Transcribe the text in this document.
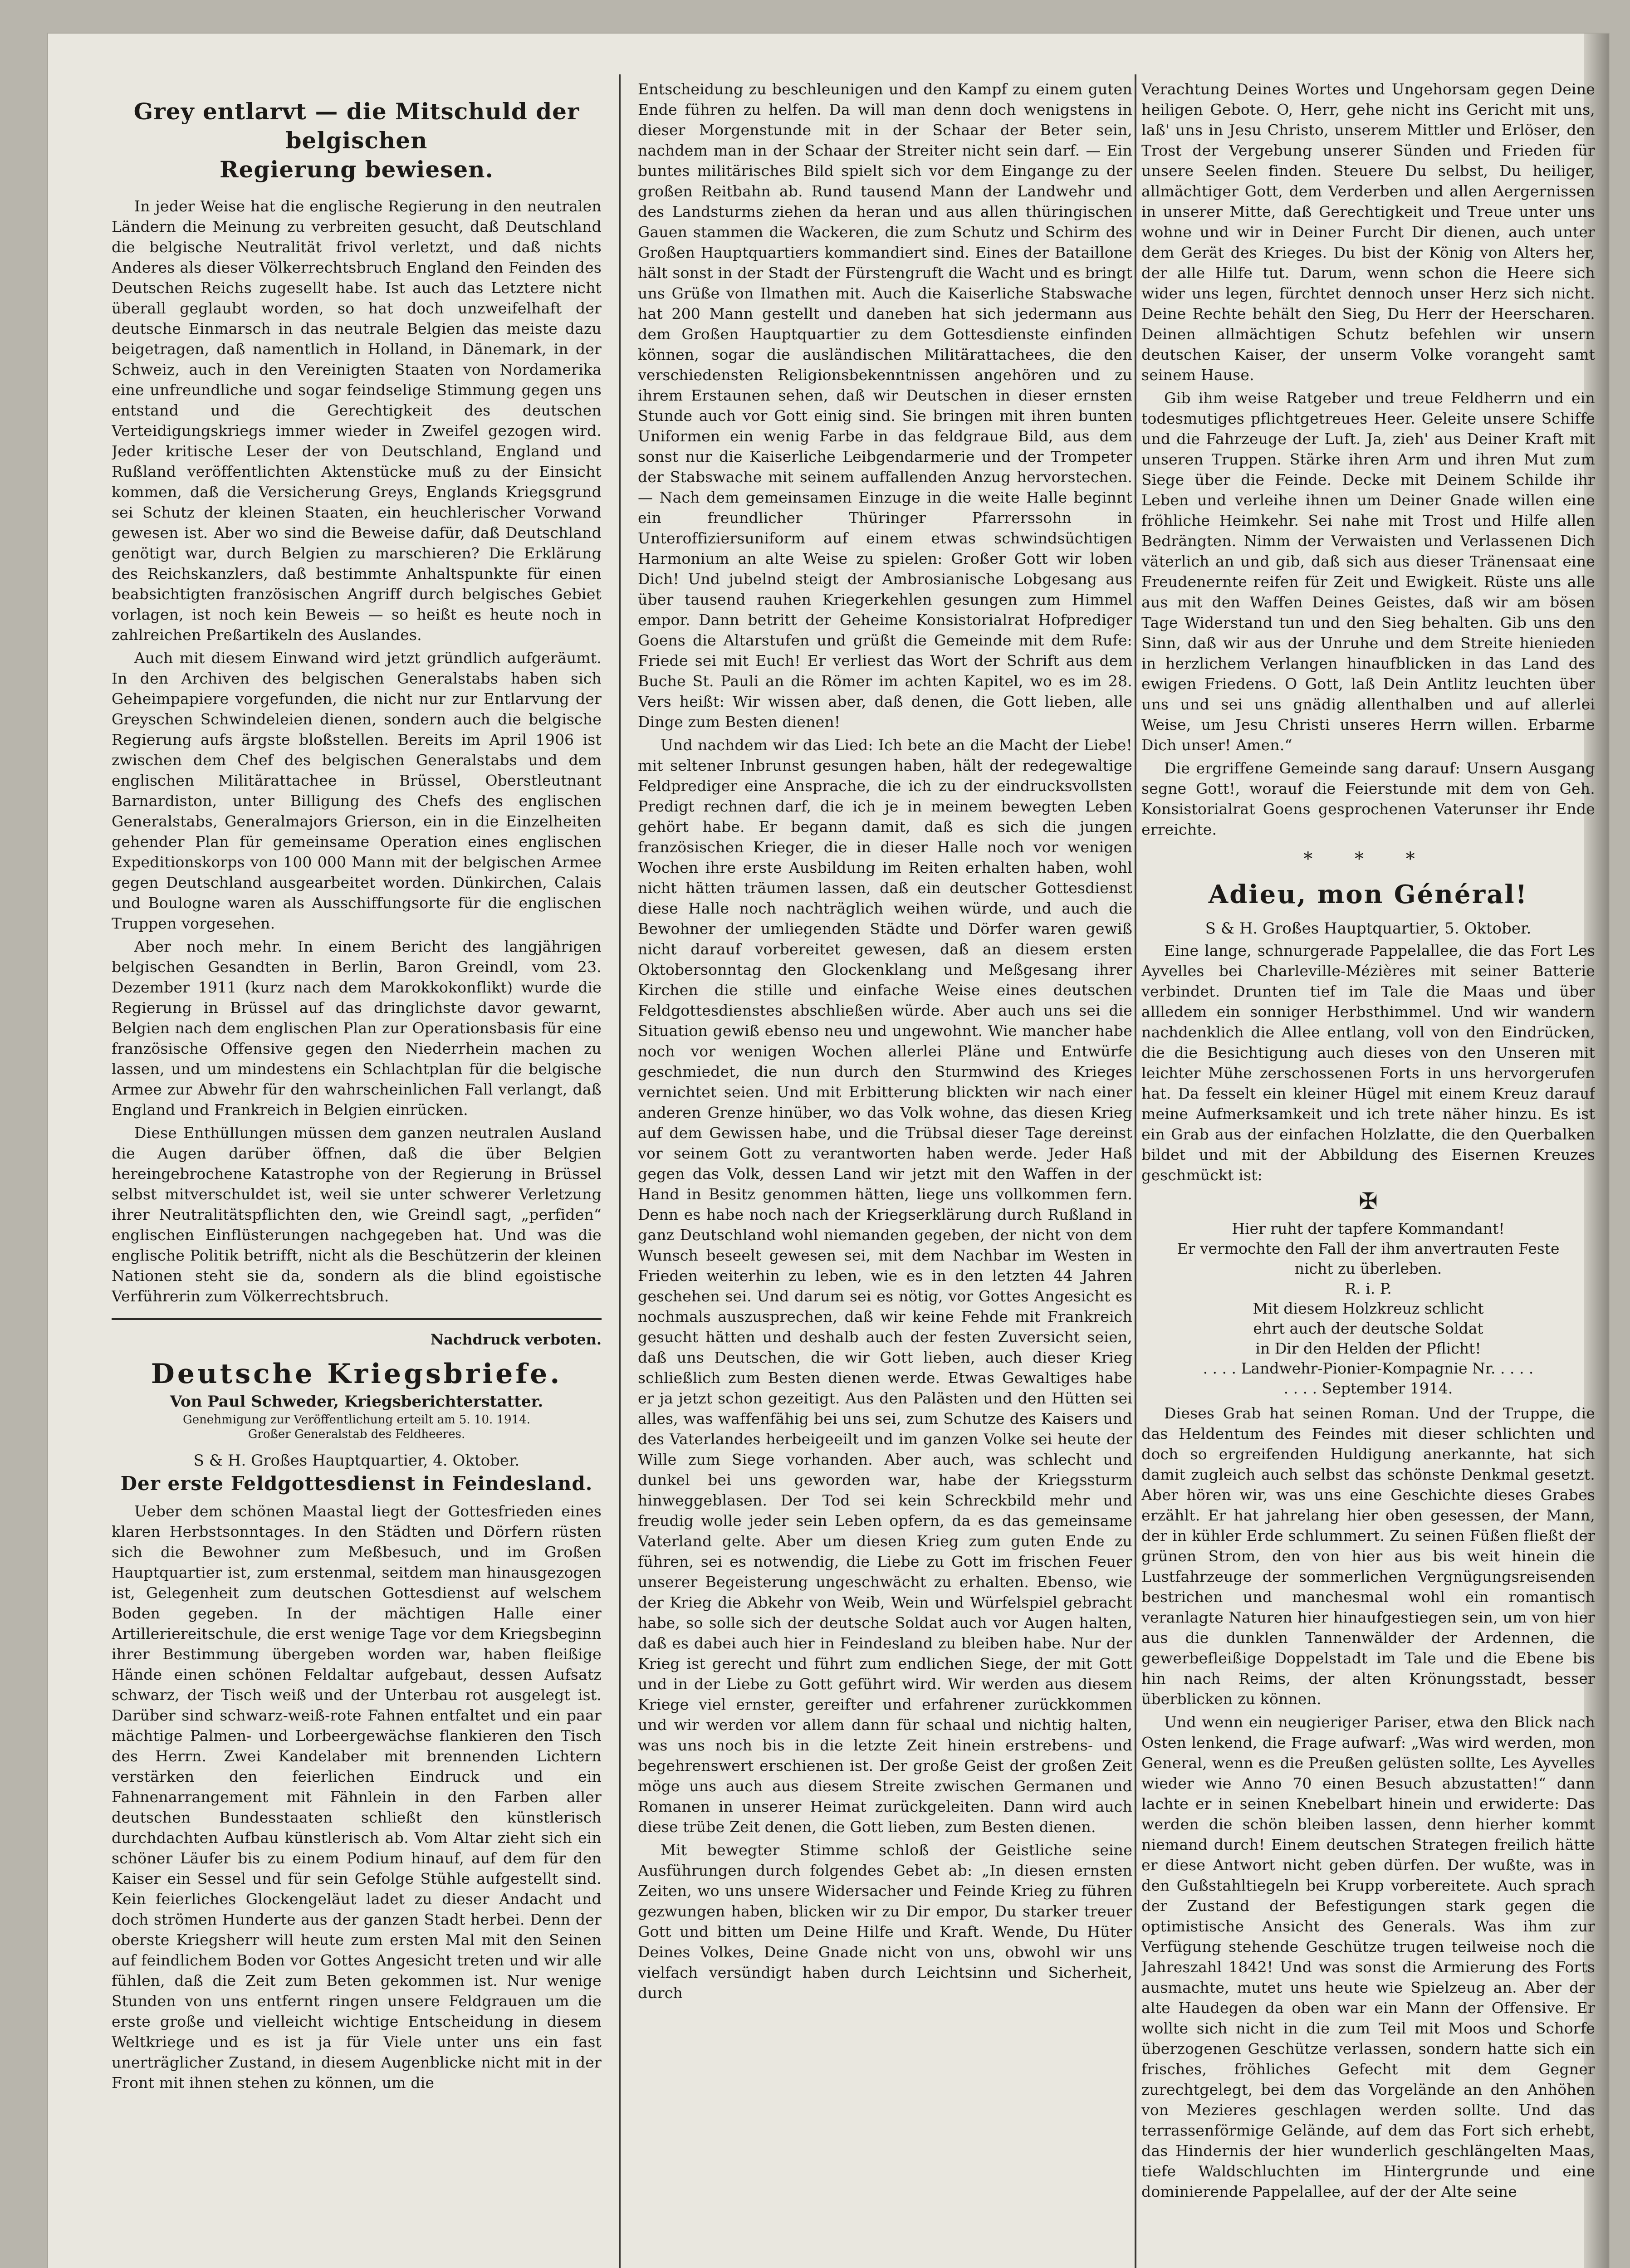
Grey entlarvt — die Mitschuld der belgischen
Regierung bewiesen.

In jeder Weise hat die englische Regierung in den neutralen Ländern die Meinung zu verbreiten gesucht, daß Deutschland die belgische Neutralität frivol verletzt, und daß nichts Anderes als dieser Völkerrechtsbruch England den Feinden des Deutschen Reichs zugesellt habe. Ist auch das Letztere nicht überall geglaubt worden, so hat doch unzweifelhaft der deutsche Einmarsch in das neutrale Belgien das meiste dazu beigetragen, daß namentlich in Holland, in Dänemark, in der Schweiz, auch in den Vereinigten Staaten von Nordamerika eine unfreundliche und sogar feindselige Stimmung gegen uns entstand und die Gerechtigkeit des deutschen Verteidigungskriegs immer wieder in Zweifel gezogen wird. Jeder kritische Leser der von Deutschland, England und Rußland veröffentlichten Aktenstücke muß zu der Einsicht kommen, daß die Versicherung Greys, Englands Kriegsgrund sei Schutz der kleinen Staaten, ein heuchlerischer Vorwand gewesen ist. Aber wo sind die Beweise dafür, daß Deutschland genötigt war, durch Belgien zu marschieren? Die Erklärung des Reichskanzlers, daß bestimmte Anhaltspunkte für einen beabsichtigten französischen Angriff durch belgisches Gebiet vorlagen, ist noch kein Beweis — so heißt es heute noch in zahlreichen Preßartikeln des Auslandes.

Auch mit diesem Einwand wird jetzt gründlich aufgeräumt. In den Archiven des belgischen Generalstabs haben sich Geheimpapiere vorgefunden, die nicht nur zur Entlarvung der Greyschen Schwindeleien dienen, sondern auch die belgische Regierung aufs ärgste bloßstellen. Bereits im April 1906 ist zwischen dem Chef des belgischen Generalstabs und dem englischen Militärattachee in Brüssel, Oberstleutnant Barnardiston, unter Billigung des Chefs des englischen Generalstabs, Generalmajors Grierson, ein in die Einzelheiten gehender Plan für gemeinsame Operation eines englischen Expeditionskorps von 100 000 Mann mit der belgischen Armee gegen Deutschland ausgearbeitet worden. Dünkirchen, Calais und Boulogne waren als Ausschiffungsorte für die englischen Truppen vorgesehen.

Aber noch mehr. In einem Bericht des langjährigen belgischen Gesandten in Berlin, Baron Greindl, vom 23. Dezember 1911 (kurz nach dem Marokkokonflikt) wurde die Regierung in Brüssel auf das dringlichste davor gewarnt, Belgien nach dem englischen Plan zur Operationsbasis für eine französische Offensive gegen den Niederrhein machen zu lassen, und um mindestens ein Schlachtplan für die belgische Armee zur Abwehr für den wahrscheinlichen Fall verlangt, daß England und Frankreich in Belgien einrücken.

Diese Enthüllungen müssen dem ganzen neutralen Ausland die Augen darüber öffnen, daß die über Belgien hereingebrochene Katastrophe von der Regierung in Brüssel selbst mitverschuldet ist, weil sie unter schwerer Verletzung ihrer Neutralitätspflichten den, wie Greindl sagt, „perfiden“ englischen Einflüsterungen nachgegeben hat. Und was die englische Politik betrifft, nicht als die Beschützerin der kleinen Nationen steht sie da, sondern als die blind egoistische Verführerin zum Völkerrechtsbruch.

Nachdruck verboten.
Deutsche Kriegsbriefe.
Von Paul Schweder, Kriegsberichterstatter.
Genehmigung zur Veröffentlichung erteilt am 5. 10. 1914.
Großer Generalstab des Feldheeres.
S & H. Großes Hauptquartier, 4. Oktober.
Der erste Feldgottesdienst in Feindesland.

Ueber dem schönen Maastal liegt der Gottesfrieden eines klaren Herbstsonntages. In den Städten und Dörfern rüsten sich die Bewohner zum Meßbesuch, und im Großen Hauptquartier ist, zum erstenmal, seitdem man hinausgezogen ist, Gelegenheit zum deutschen Gottesdienst auf welschem Boden gegeben. In der mächtigen Halle einer Artilleriereitschule, die erst wenige Tage vor dem Kriegsbeginn ihrer Bestimmung übergeben worden war, haben fleißige Hände einen schönen Feldaltar aufgebaut, dessen Aufsatz schwarz, der Tisch weiß und der Unterbau rot ausgelegt ist. Darüber sind schwarz-weiß-rote Fahnen entfaltet und ein paar mächtige Palmen- und Lorbeergewächse flankieren den Tisch des Herrn. Zwei Kandelaber mit brennenden Lichtern verstärken den feierlichen Eindruck und ein Fahnenarrangement mit Fähnlein in den Farben aller deutschen Bundesstaaten schließt den künstlerisch durchdachten Aufbau künstlerisch ab. Vom Altar zieht sich ein schöner Läufer bis zu einem Podium hinauf, auf dem für den Kaiser ein Sessel und für sein Gefolge Stühle aufgestellt sind. Kein feierliches Glockengeläut ladet zu dieser Andacht und doch strömen Hunderte aus der ganzen Stadt herbei. Denn der oberste Kriegsherr will heute zum ersten Mal mit den Seinen auf feindlichem Boden vor Gottes Angesicht treten und wir alle fühlen, daß die Zeit zum Beten gekommen ist. Nur wenige Stunden von uns entfernt ringen unsere Feldgrauen um die erste große und vielleicht wichtige Entscheidung in diesem Weltkriege und es ist ja für Viele unter uns ein fast unerträglicher Zustand, in diesem Augenblicke nicht mit in der Front mit ihnen stehen zu können, um die

Entscheidung zu beschleunigen und den Kampf zu einem guten Ende führen zu helfen. Da will man denn doch wenigstens in dieser Morgenstunde mit in der Schaar der Beter sein, nachdem man in der Schaar der Streiter nicht sein darf. — Ein buntes militärisches Bild spielt sich vor dem Eingange zu der großen Reitbahn ab. Rund tausend Mann der Landwehr und des Landsturms ziehen da heran und aus allen thüringischen Gauen stammen die Wackeren, die zum Schutz und Schirm des Großen Hauptquartiers kommandiert sind. Eines der Bataillone hält sonst in der Stadt der Fürstengruft die Wacht und es bringt uns Grüße von Ilmathen mit. Auch die Kaiserliche Stabswache hat 200 Mann gestellt und daneben hat sich jedermann aus dem Großen Hauptquartier zu dem Gottesdienste einfinden können, sogar die ausländischen Militärattachees, die den verschiedensten Religionsbekenntnissen angehören und zu ihrem Erstaunen sehen, daß wir Deutschen in dieser ernsten Stunde auch vor Gott einig sind. Sie bringen mit ihren bunten Uniformen ein wenig Farbe in das feldgraue Bild, aus dem sonst nur die Kaiserliche Leibgendarmerie und der Trompeter der Stabswache mit seinem auffallenden Anzug hervorstechen. — Nach dem gemeinsamen Einzuge in die weite Halle beginnt ein freundlicher Thüringer Pfarrerssohn in Unteroffiziersuniform auf einem etwas schwindsüchtigen Harmonium an alte Weise zu spielen: Großer Gott wir loben Dich! Und jubelnd steigt der Ambrosianische Lobgesang aus über tausend rauhen Kriegerkehlen gesungen zum Himmel empor. Dann betritt der Geheime Konsistorialrat Hofprediger Goens die Altarstufen und grüßt die Gemeinde mit dem Rufe: Friede sei mit Euch! Er verliest das Wort der Schrift aus dem Buche St. Pauli an die Römer im achten Kapitel, wo es im 28. Vers heißt: Wir wissen aber, daß denen, die Gott lieben, alle Dinge zum Besten dienen!

Und nachdem wir das Lied: Ich bete an die Macht der Liebe! mit seltener Inbrunst gesungen haben, hält der redegewaltige Feldprediger eine Ansprache, die ich zu der eindrucksvollsten Predigt rechnen darf, die ich je in meinem bewegten Leben gehört habe. Er begann damit, daß es sich die jungen französischen Krieger, die in dieser Halle noch vor wenigen Wochen ihre erste Ausbildung im Reiten erhalten haben, wohl nicht hätten träumen lassen, daß ein deutscher Gottesdienst diese Halle noch nachträglich weihen würde, und auch die Bewohner der umliegenden Städte und Dörfer waren gewiß nicht darauf vorbereitet gewesen, daß an diesem ersten Oktobersonntag den Glockenklang und Meßgesang ihrer Kirchen die stille und einfache Weise eines deutschen Feldgottesdienstes abschließen würde. Aber auch uns sei die Situation gewiß ebenso neu und ungewohnt. Wie mancher habe noch vor wenigen Wochen allerlei Pläne und Entwürfe geschmiedet, die nun durch den Sturmwind des Krieges vernichtet seien. Und mit Erbitterung blickten wir nach einer anderen Grenze hinüber, wo das Volk wohne, das diesen Krieg auf dem Gewissen habe, und die Trübsal dieser Tage dereinst vor seinem Gott zu verantworten haben werde. Jeder Haß gegen das Volk, dessen Land wir jetzt mit den Waffen in der Hand in Besitz genommen hätten, liege uns vollkommen fern. Denn es habe noch nach der Kriegserklärung durch Rußland in ganz Deutschland wohl niemanden gegeben, der nicht von dem Wunsch beseelt gewesen sei, mit dem Nachbar im Westen in Frieden weiterhin zu leben, wie es in den letzten 44 Jahren geschehen sei. Und darum sei es nötig, vor Gottes Angesicht es nochmals auszusprechen, daß wir keine Fehde mit Frankreich gesucht hätten und deshalb auch der festen Zuversicht seien, daß uns Deutschen, die wir Gott lieben, auch dieser Krieg schließlich zum Besten dienen werde. Etwas Gewaltiges habe er ja jetzt schon gezeitigt. Aus den Palästen und den Hütten sei alles, was waffenfähig bei uns sei, zum Schutze des Kaisers und des Vaterlandes herbeigeeilt und im ganzen Volke sei heute der Wille zum Siege vorhanden. Aber auch, was schlecht und dunkel bei uns geworden war, habe der Kriegssturm hinweggeblasen. Der Tod sei kein Schreckbild mehr und freudig wolle jeder sein Leben opfern, da es das gemeinsame Vaterland gelte. Aber um diesen Krieg zum guten Ende zu führen, sei es notwendig, die Liebe zu Gott im frischen Feuer unserer Begeisterung ungeschwächt zu erhalten. Ebenso, wie der Krieg die Abkehr von Weib, Wein und Würfelspiel gebracht habe, so solle sich der deutsche Soldat auch vor Augen halten, daß es dabei auch hier in Feindesland zu bleiben habe. Nur der Krieg ist gerecht und führt zum endlichen Siege, der mit Gott und in der Liebe zu Gott geführt wird. Wir werden aus diesem Kriege viel ernster, gereifter und erfahrener zurückkommen und wir werden vor allem dann für schaal und nichtig halten, was uns noch bis in die letzte Zeit hinein erstrebens- und begehrenswert erschienen ist. Der große Geist der großen Zeit möge uns auch aus diesem Streite zwischen Germanen und Romanen in unserer Heimat zurückgeleiten. Dann wird auch diese trübe Zeit denen, die Gott lieben, zum Besten dienen.

Mit bewegter Stimme schloß der Geistliche seine Ausführungen durch folgendes Gebet ab: „In diesen ernsten Zeiten, wo uns unsere Widersacher und Feinde Krieg zu führen gezwungen haben, blicken wir zu Dir empor, Du starker treuer Gott und bitten um Deine Hilfe und Kraft. Wende, Du Hüter Deines Volkes, Deine Gnade nicht von uns, obwohl wir uns vielfach versündigt haben durch Leichtsinn und Sicherheit, durch

Verachtung Deines Wortes und Ungehorsam gegen Deine heiligen Gebote. O, Herr, gehe nicht ins Gericht mit uns, laß' uns in Jesu Christo, unserem Mittler und Erlöser, den Trost der Vergebung unserer Sünden und Frieden für unsere Seelen finden. Steuere Du selbst, Du heiliger, allmächtiger Gott, dem Verderben und allen Aergernissen in unserer Mitte, daß Gerechtigkeit und Treue unter uns wohne und wir in Deiner Furcht Dir dienen, auch unter dem Gerät des Krieges. Du bist der König von Alters her, der alle Hilfe tut. Darum, wenn schon die Heere sich wider uns legen, fürchtet dennoch unser Herz sich nicht. Deine Rechte behält den Sieg, Du Herr der Heerscharen. Deinen allmächtigen Schutz befehlen wir unsern deutschen Kaiser, der unserm Volke vorangeht samt seinem Hause.

Gib ihm weise Ratgeber und treue Feldherrn und ein todesmutiges pflichtgetreues Heer. Geleite unsere Schiffe und die Fahrzeuge der Luft. Ja, zieh' aus Deiner Kraft mit unseren Truppen. Stärke ihren Arm und ihren Mut zum Siege über die Feinde. Decke mit Deinem Schilde ihr Leben und verleihe ihnen um Deiner Gnade willen eine fröhliche Heimkehr. Sei nahe mit Trost und Hilfe allen Bedrängten. Nimm der Verwaisten und Verlassenen Dich väterlich an und gib, daß sich aus dieser Tränensaat eine Freudenernte reifen für Zeit und Ewigkeit. Rüste uns alle aus mit den Waffen Deines Geistes, daß wir am bösen Tage Widerstand tun und den Sieg behalten. Gib uns den Sinn, daß wir aus der Unruhe und dem Streite hienieden in herzlichem Verlangen hinaufblicken in das Land des ewigen Friedens. O Gott, laß Dein Antlitz leuchten über uns und sei uns gnädig allenthalben und auf allerlei Weise, um Jesu Christi unseres Herrn willen. Erbarme Dich unser! Amen.“

Die ergriffene Gemeinde sang darauf: Unsern Ausgang segne Gott!, worauf die Feierstunde mit dem von Geh. Konsistorialrat Goens gesprochenen Vaterunser ihr Ende erreichte.

* * *
Adieu, mon Général!
S & H. Großes Hauptquartier, 5. Oktober.

Eine lange, schnurgerade Pappelallee, die das Fort Les Ayvelles bei Charleville-Mézières mit seiner Batterie verbindet. Drunten tief im Tale die Maas und über allledem ein sonniger Herbsthimmel. Und wir wandern nachdenklich die Allee entlang, voll von den Eindrücken, die die Besichtigung auch dieses von den Unseren mit leichter Mühe zerschossenen Forts in uns hervorgerufen hat. Da fesselt ein kleiner Hügel mit einem Kreuz darauf meine Aufmerksamkeit und ich trete näher hinzu. Es ist ein Grab aus der einfachen Holzlatte, die den Querbalken bildet und mit der Abbildung des Eisernen Kreuzes geschmückt ist:

✠
Hier ruht der tapfere Kommandant!
Er vermochte den Fall der ihm anvertrauten Feste
nicht zu überleben.
R. i. P.
Mit diesem Holzkreuz schlicht
ehrt auch der deutsche Soldat
in Dir den Helden der Pflicht!
. . . . Landwehr-Pionier-Kompagnie Nr. . . . .
. . . . September 1914.

Dieses Grab hat seinen Roman. Und der Truppe, die das Heldentum des Feindes mit dieser schlichten und doch so ergreifenden Huldigung anerkannte, hat sich damit zugleich auch selbst das schönste Denkmal gesetzt. Aber hören wir, was uns eine Geschichte dieses Grabes erzählt. Er hat jahrelang hier oben gesessen, der Mann, der in kühler Erde schlummert. Zu seinen Füßen fließt der grünen Strom, den von hier aus bis weit hinein die Lustfahrzeuge der sommerlichen Vergnügungsreisenden bestrichen und manchesmal wohl ein romantisch veranlagte Naturen hier hinaufgestiegen sein, um von hier aus die dunklen Tannenwälder der Ardennen, die gewerbefleißige Doppelstadt im Tale und die Ebene bis hin nach Reims, der alten Krönungsstadt, besser überblicken zu können.

Und wenn ein neugieriger Pariser, etwa den Blick nach Osten lenkend, die Frage aufwarf: „Was wird werden, mon General, wenn es die Preußen gelüsten sollte, Les Ayvelles wieder wie Anno 70 einen Besuch abzustatten!“ dann lachte er in seinen Knebelbart hinein und erwiderte: Das werden die schön bleiben lassen, denn hierher kommt niemand durch! Einem deutschen Strategen freilich hätte er diese Antwort nicht geben dürfen. Der wußte, was in den Gußstahltiegeln bei Krupp vorbereitete. Auch sprach der Zustand der Befestigungen stark gegen die optimistische Ansicht des Generals. Was ihm zur Verfügung stehende Geschütze trugen teilweise noch die Jahreszahl 1842! Und was sonst die Armierung des Forts ausmachte, mutet uns heute wie Spielzeug an. Aber der alte Haudegen da oben war ein Mann der Offensive. Er wollte sich nicht in die zum Teil mit Moos und Schorfe überzogenen Geschütze verlassen, sondern hatte sich ein frisches, fröhliches Gefecht mit dem Gegner zurechtgelegt, bei dem das Vorgelände an den Anhöhen von Mezieres geschlagen werden sollte. Und das terrassenförmige Gelände, auf dem das Fort sich erhebt, das Hindernis der hier wunderlich geschlängelten Maas, tiefe Waldschluchten im Hintergrunde und eine dominierende Pappelallee, auf der der Alte seine
